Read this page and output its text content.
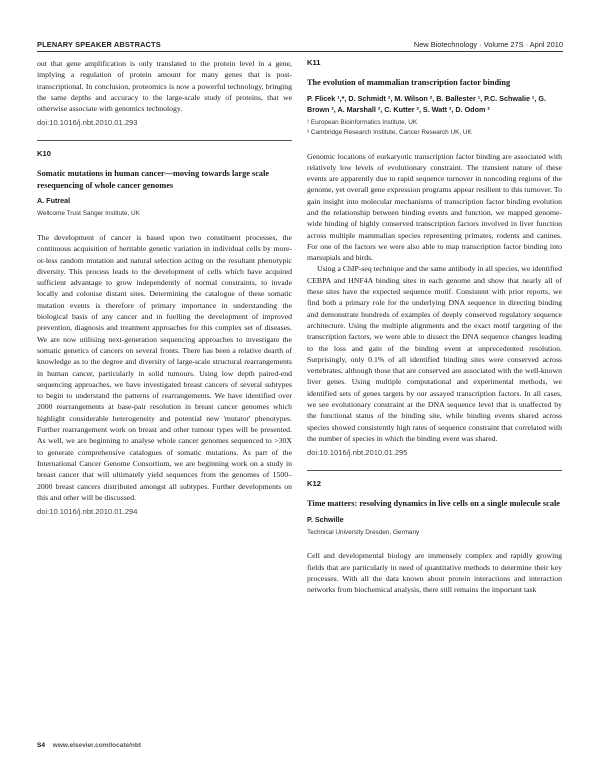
PLENARY SPEAKER ABSTRACTS	New Biotechnology · Volume 27S · April 2010

out that gene amplification is only translated to the protein level in a gene, implying a regulation of protein amount for many genes that is post-transcriptional. In conclusion, proteomics is now a powerful technology, bringing the same depths and accuracy to the large-scale study of proteins, that we otherwise associate with genomics technology.

doi:10.1016/j.nbt.2010.01.293

K10
Somatic mutations in human cancer—moving towards large scale resequencing of whole cancer genomes
A. Futreal
Wellcome Trust Sanger Institute, UK

The development of cancer is based upon two constituent processes, the continuous acquisition of heritable genetic variation in individual cells by more-or-less random mutation and natural selection acting on the resultant phenotypic diversity. This process leads to the development of cells which have acquired sufficient advantage to grow independently of normal constraints, to invade locally and colonise distant sites. Determining the catalogue of these somatic mutation events is therefore of primary importance in understanding the biological basis of any cancer and in fuelling the development of improved prevention, diagnosis and treatment approaches for this complex set of diseases. We are now utilising next-generation sequencing approaches to investigate the somatic genetics of cancers on several fronts. There has been a relative dearth of knowledge as to the degree and diversity of large-scale structural rearrangements in human cancer, particularly in solid tumours. Using low depth paired-end sequencing approaches, we have investigated breast cancers of several subtypes to begin to understand the patterns of rearrangements. We have identified over 2000 rearrangements at base-pair resolution in breast cancer genomes which highlight considerable heterogeneity and potential new 'mutator' phenotypes. Further rearrangement work on breast and other tumour types will be presented. As well, we are beginning to analyse whole cancer genomes sequenced to >30X to generate comprehensive catalogues of somatic mutations. As part of the International Cancer Genome Consortium, we are beginning work on a study in breast cancer that will ultimately yield sequences from the genomes of 1500–2000 breast cancers distributed amongst all subtypes. Further developments on this and other will be discussed.

doi:10.1016/j.nbt.2010.01.294

K11
The evolution of mammalian transcription factor binding
P. Flicek ¹,*, D. Schmidt ², M. Wilson ², B. Ballester ¹, P.C. Schwalie ¹, G. Brown ², A. Marshall ², C. Kutter ², S. Watt ², D. Odom ²
¹ European Bioinformatics Institute, UK
² Cambridge Research Institute, Cancer Research UK, UK

Genomic locations of eurkaryotic transcription factor binding are associated with relatively low levels of evolutionary constraint. The transient nature of these events are apparently due to rapid sequence turnover in noncoding regions of the genome, yet overall gene expression programs appear resilient to this turnover. To gain insight into molecular mechanisms of transcription factor binding evolution and the relationship between binding events and function, we mapped genome-wide binding of highly conserved transcription factors involved in liver function across multiple mammalian species representing primates, rodents and canines. For one of the factors we were also able to map transcription factor binding into marsupials and birds.

Using a ChIP-seq technique and the same antibody in all species, we identified CEBPA and HNF4A binding sites in each genome and show that nearly all of these sites have the expected sequence motif. Consistent with prior reports, we find both a primary role for the underlying DNA sequence in directing binding and demonstrate hundreds of examples of deeply conserved regulatory sequence architecture. Using the multiple alignments and the exact motif targeting of the transcription factors, we were able to dissect the DNA sequence changes leading to the loss and gain of the binding event at unprecedented resolution. Surprisingly, only 0.1% of all identified binding sites were conserved across vertebrates, although those that are conserved are associated with the well-known liver genes. Using multiple computational and experimental methods, we identified sets of genes targets by our assayed transcription factors. In all cases, we see evolutionary constraint at the DNA sequence level that is unaffected by the functional status of the binding site, while binding events shared across species showed consistently high rates of sequence constraint that correlated with the number of species in which the binding event was shared.

doi:10.1016/j.nbt.2010.01.295

K12
Time matters: resolving dynamics in live cells on a single molecule scale
P. Schwille
Technical University Dresden, Germany

Cell and developmental biology are immensely complex and rapidly growing fields that are particularly in need of quantitative methods to determine their key processes. With all the data known about protein interactions and interaction networks from biochemical analysis, there still remains the important task

S4 www.elsevier.com/locate/nbt
